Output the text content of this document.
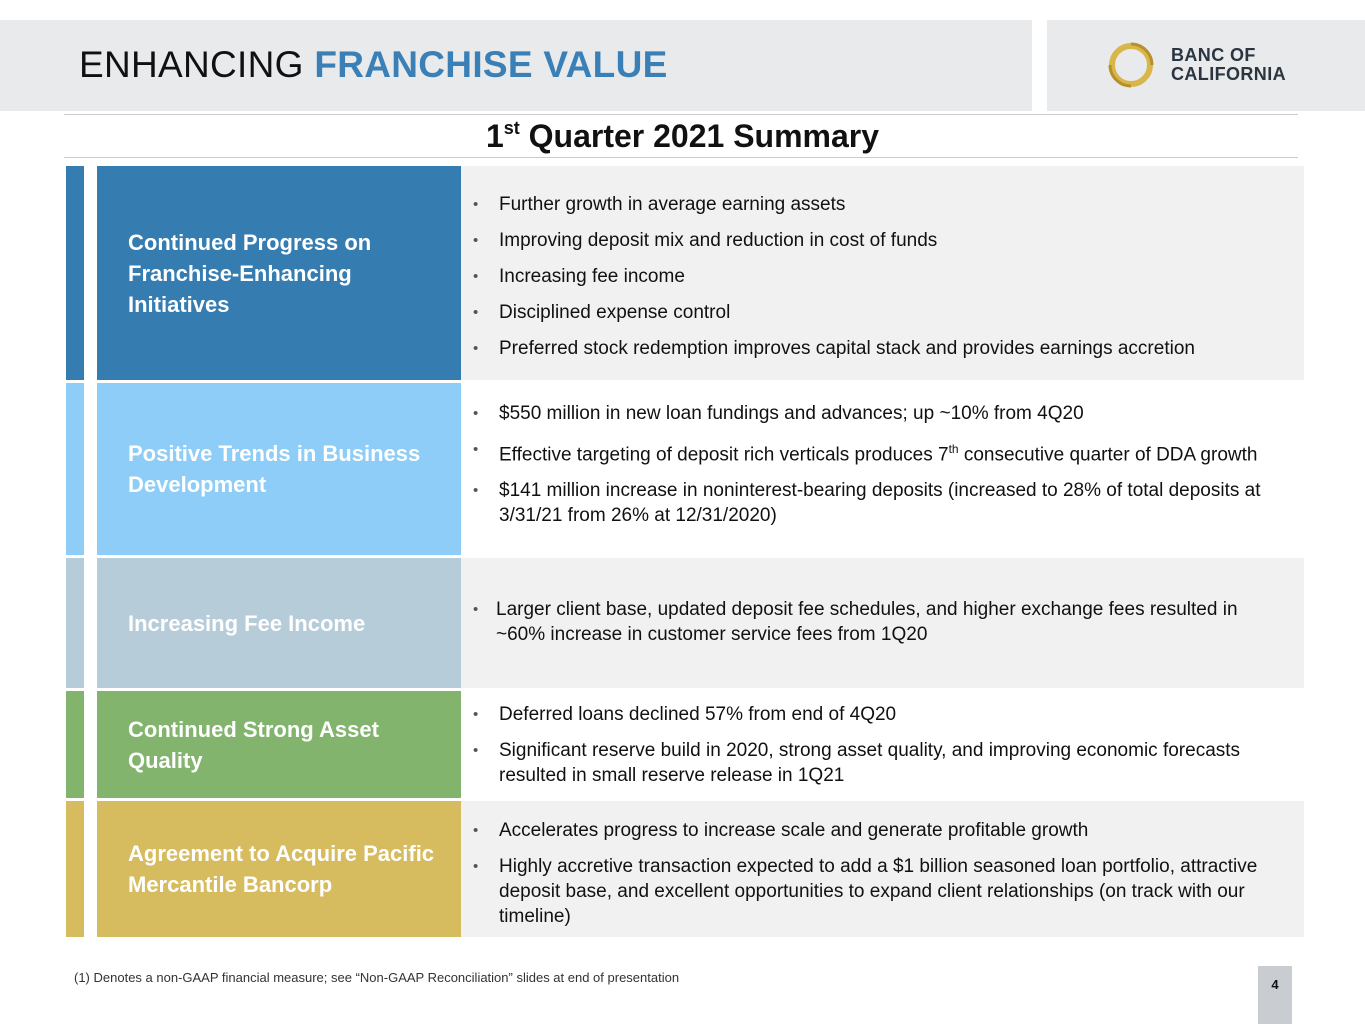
ENHANCING FRANCHISE VALUE	BANC OF
CALIFORNIA
1st Quarter 2021 Summary
Continued Progress on Franchise-Enhancing Initiatives
• Further growth in average earning assets
• Improving deposit mix and reduction in cost of funds
• Increasing fee income
• Disciplined expense control
• Preferred stock redemption improves capital stack and provides earnings accretion
Positive Trends in Business Development
• $550 million in new loan fundings and advances; up ~10% from 4Q20
• Effective targeting of deposit rich verticals produces 7th consecutive quarter of DDA growth
• $141 million increase in noninterest-bearing deposits (increased to 28% of total deposits at 3/31/21 from 26% at 12/31/2020)
Increasing Fee Income
• Larger client base, updated deposit fee schedules, and higher exchange fees resulted in ~60% increase in customer service fees from 1Q20
Continued Strong Asset Quality
• Deferred loans declined 57% from end of 4Q20
• Significant reserve build in 2020, strong asset quality, and improving economic forecasts resulted in small reserve release in 1Q21
Agreement to Acquire Pacific Mercantile Bancorp
• Accelerates progress to increase scale and generate profitable growth
• Highly accretive transaction expected to add a $1 billion seasoned loan portfolio, attractive deposit base, and excellent opportunities to expand client relationships (on track with our timeline)
(1) Denotes a non-GAAP financial measure; see “Non-GAAP Reconciliation” slides at end of presentation	4
